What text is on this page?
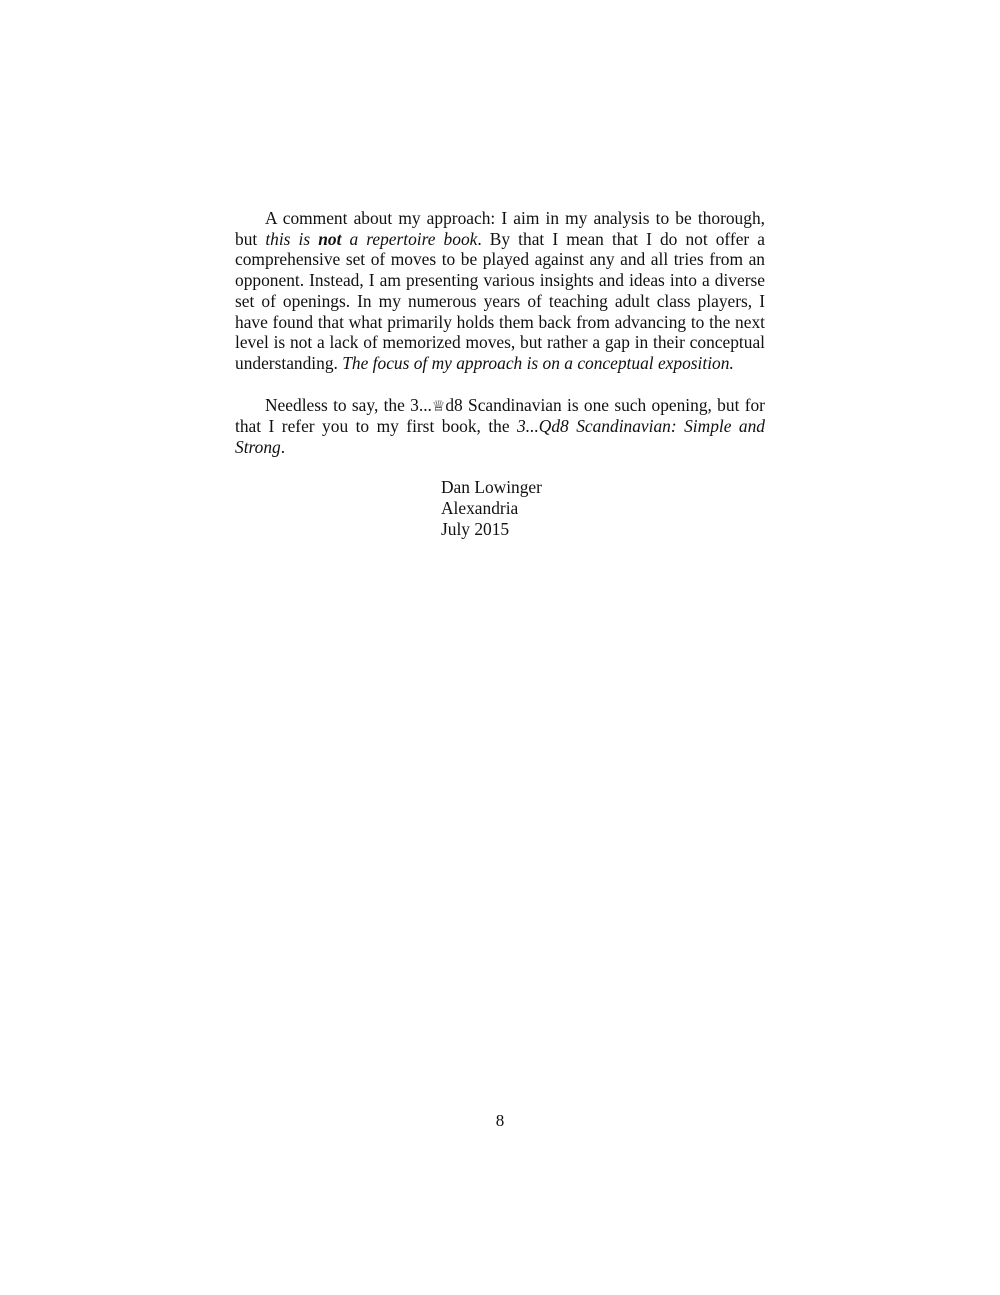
A comment about my approach: I aim in my analysis to be thorough, but this is not a repertoire book. By that I mean that I do not offer a comprehensive set of moves to be played against any and all tries from an opponent. Instead, I am presenting various insights and ideas into a diverse set of openings. In my numerous years of teaching adult class players, I have found that what primarily holds them back from advancing to the next level is not a lack of memorized moves, but rather a gap in their conceptual understanding. The focus of my approach is on a conceptual exposition.

Needless to say, the 3...♕d8 Scandinavian is one such opening, but for that I refer you to my first book, the 3...Qd8 Scandinavian: Simple and Strong.

Dan Lowinger
Alexandria
July 2015
8
